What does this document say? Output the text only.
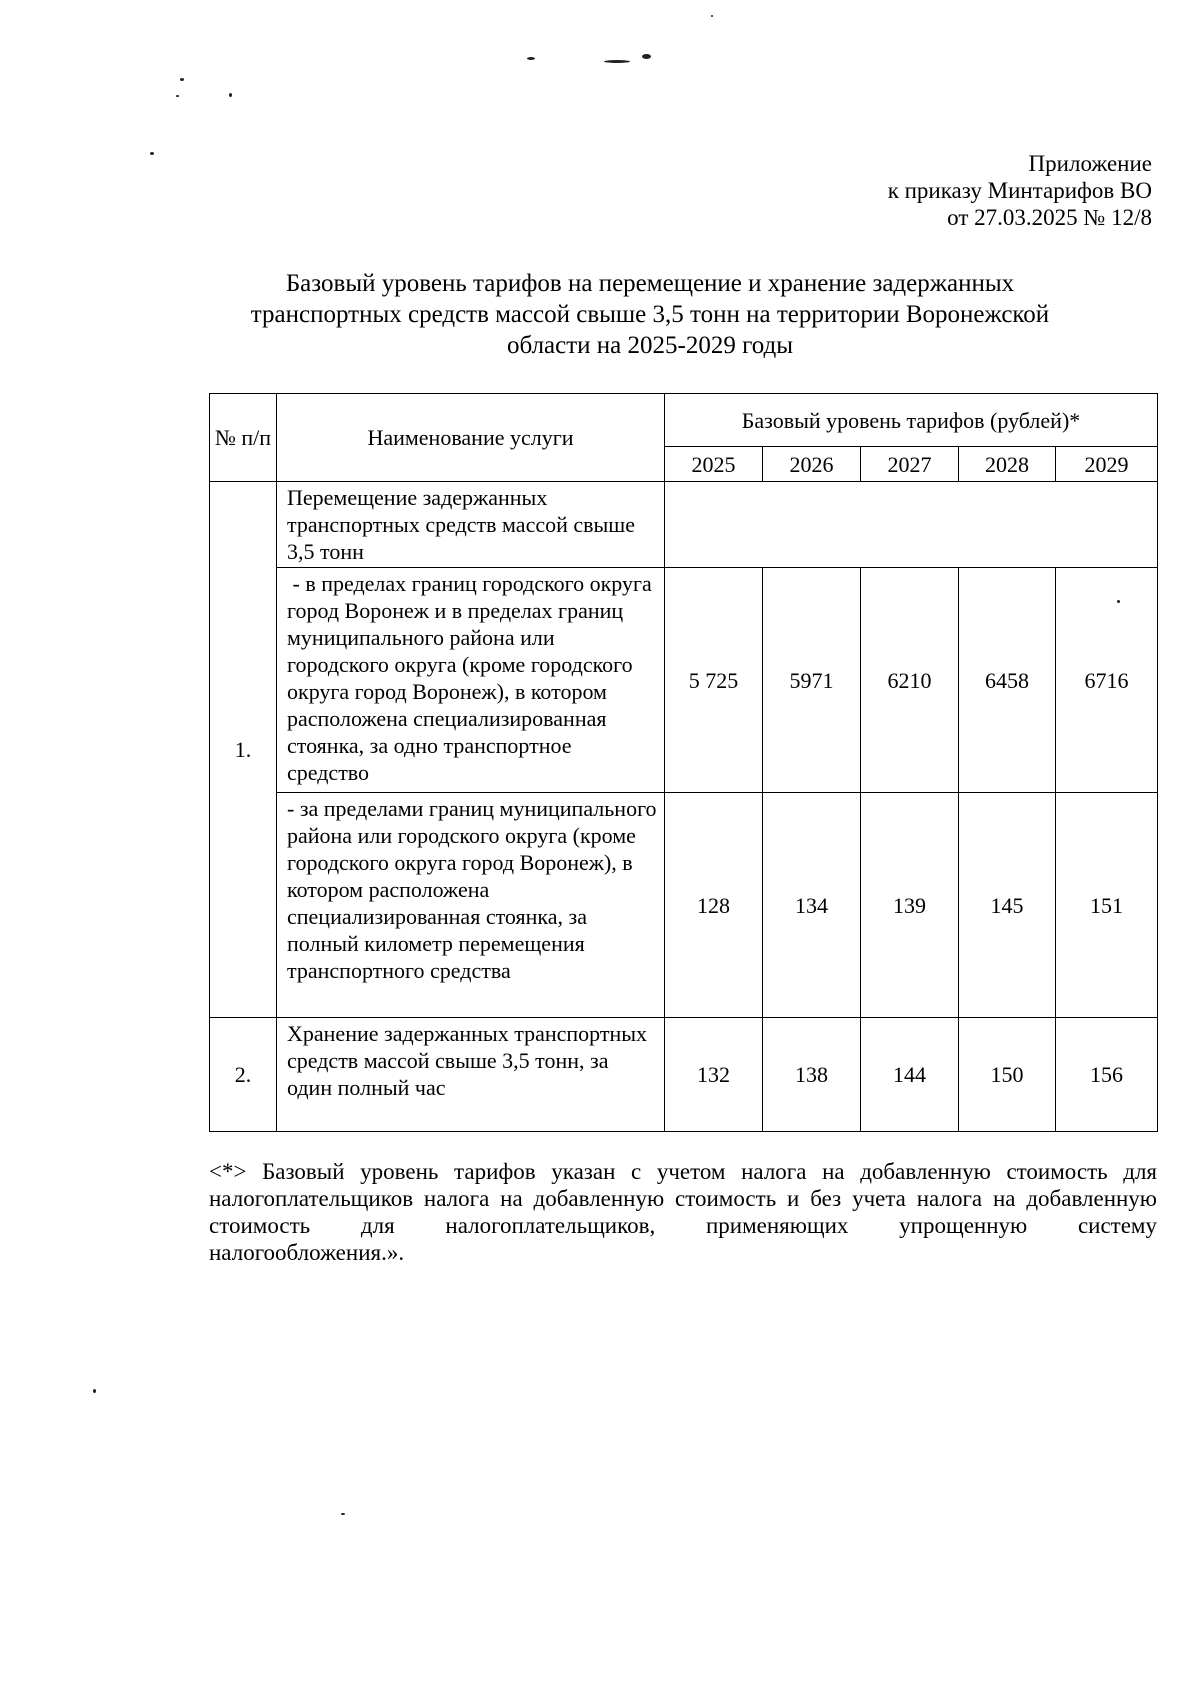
Приложение
к приказу Минтарифов ВО
от 27.03.2025 № 12/8
Базовый уровень тарифов на перемещение и хранение задержанных
транспортных средств массой свыше 3,5 тонн на территории Воронежской
области на 2025-2029 годы
№ п/п	Наименование услуги	Базовый уровень тарифов (рублей)*				
		2025	2026	2027	2028	2029
1.	Перемещение задержанных транспортных средств массой свыше 3,5 тонн					
	- в пределах границ городского округа город Воронеж и в пределах границ муниципального района или городского округа (кроме городского округа город Воронеж), в котором расположена специализированная стоянка, за одно транспортное средство	5 725	5971	6210	6458	6716
	- за пределами границ муниципального района или городского округа (кроме городского округа город Воронеж), в котором расположена специализированная стоянка, за полный километр перемещения транспортного средства	128	134	139	145	151
2.	Хранение задержанных транспортных средств массой свыше 3,5 тонн, за один полный час	132	138	144	150	156
<*> Базовый уровень тарифов указан с учетом налога на добавленную стоимость для
налогоплательщиков налога на добавленную стоимость и без учета налога на добавленную
стоимость для налогоплательщиков, применяющих упрощенную систему
налогообложения.».
